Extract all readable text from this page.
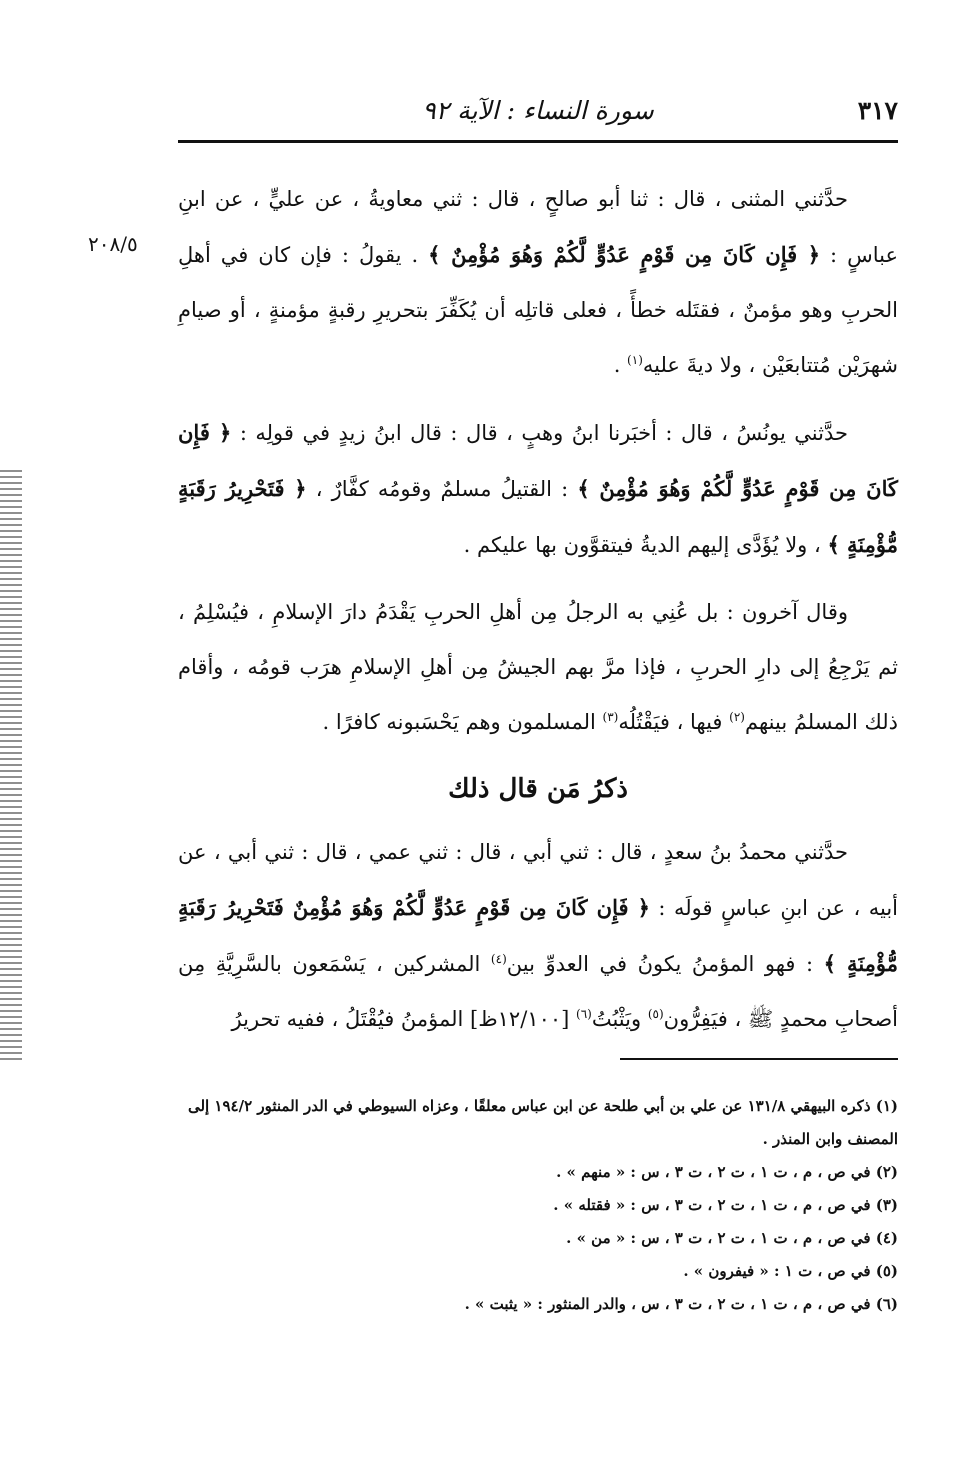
٣١٧
سورة النساء : الآية ٩٢
٢٠٨/٥

حدَّثني المثنى ، قال : ثنا أبو صالحٍ ، قال : ثني معاويةُ ، عن عليٍّ ، عن ابنِ عباسٍ : ﴿ فَإِن كَانَ مِن قَوْمٍ عَدُوٍّ لَّكُمْ وَهُوَ مُؤْمِنٌ ﴾ . يقولُ : فإن كان في أهلِ الحربِ وهو مؤمنٌ ، فقتَله خطأً ، فعلى قاتلِه أن يُكَفِّرَ بتحريرِ رقبةٍ مؤمنةٍ ، أو صيامِ شهرَيْن مُتتابعَيْن ، ولا ديةَ عليه$^{(١)}$ .

حدَّثني يونُسُ ، قال : أخبَرنا ابنُ وهبٍ ، قال : قال ابنُ زيدٍ في قولِه : ﴿ فَإِن كَانَ مِن قَوْمٍ عَدُوٍّ لَّكُمْ وَهُوَ مُؤْمِنٌ ﴾ : القتيلُ مسلمٌ وقومُه كفَّارٌ ، ﴿ فَتَحْرِيرُ رَقَبَةٍ مُّؤْمِنَةٍ ﴾ ، ولا يُؤَدَّى إليهم الديةُ فيتقوَّون بها عليكم .

وقال آخرون : بل عُنِي به الرجلُ مِن أهلِ الحربِ يَقْدَمُ دارَ الإسلامِ ، فيُسْلِمُ ، ثم يَرْجِعُ إلى دارِ الحربِ ، فإذا مرَّ بهم الجيشُ مِن أهلِ الإسلامِ هرَب قومُه ، وأقام ذلك المسلمُ بينهم$^{(٢)}$ فيها ، فيَقْتُلُه$^{(٣)}$ المسلمون وهم يَحْسَبونه كافرًا .

ذكرُ مَن قال ذلك

حدَّثني محمدُ بنُ سعدٍ ، قال : ثني أبي ، قال : ثني عمي ، قال : ثني أبي ، عن أبيه ، عن ابنِ عباسٍ قولَه : ﴿ فَإِن كَانَ مِن قَوْمٍ عَدُوٍّ لَّكُمْ وَهُوَ مُؤْمِنٌ فَتَحْرِيرُ رَقَبَةٍ مُّؤْمِنَةٍ ﴾ : فهو المؤمنُ يكونُ في العدوِّ بين$^{(٤)}$ المشركين ، يَسْمَعون بالسَّرِيَّةِ مِن أصحابِ محمدٍ ﷺ ، فيَفِرُّون$^{(٥)}$ ويَثْبُتُ$^{(٦)}$ [١٢/١٠٠ظ] المؤمنُ فيُقْتَلُ ، ففيه تحريرُ

(١) ذكره البيهقي ١٣١/٨ عن علي بن أبي طلحة عن ابن عباس معلقًا ، وعزاه السيوطي في الدر المنثور ١٩٤/٢ إلى المصنف وابن المنذر .

(٢) في ص ، م ، ت ١ ، ت ٢ ، ت ٣ ، س : « منهم » .

(٣) في ص ، م ، ت ١ ، ت ٢ ، ت ٣ ، س : « فقتله » .

(٤) في ص ، م ، ت ١ ، ت ٢ ، ت ٣ ، س : « من » .

(٥) في ص ، ت ١ : « فيفرون » .

(٦) في ص ، م ، ت ١ ، ت ٢ ، ت ٣ ، س ، والدر المنثور : « يثبت » .
